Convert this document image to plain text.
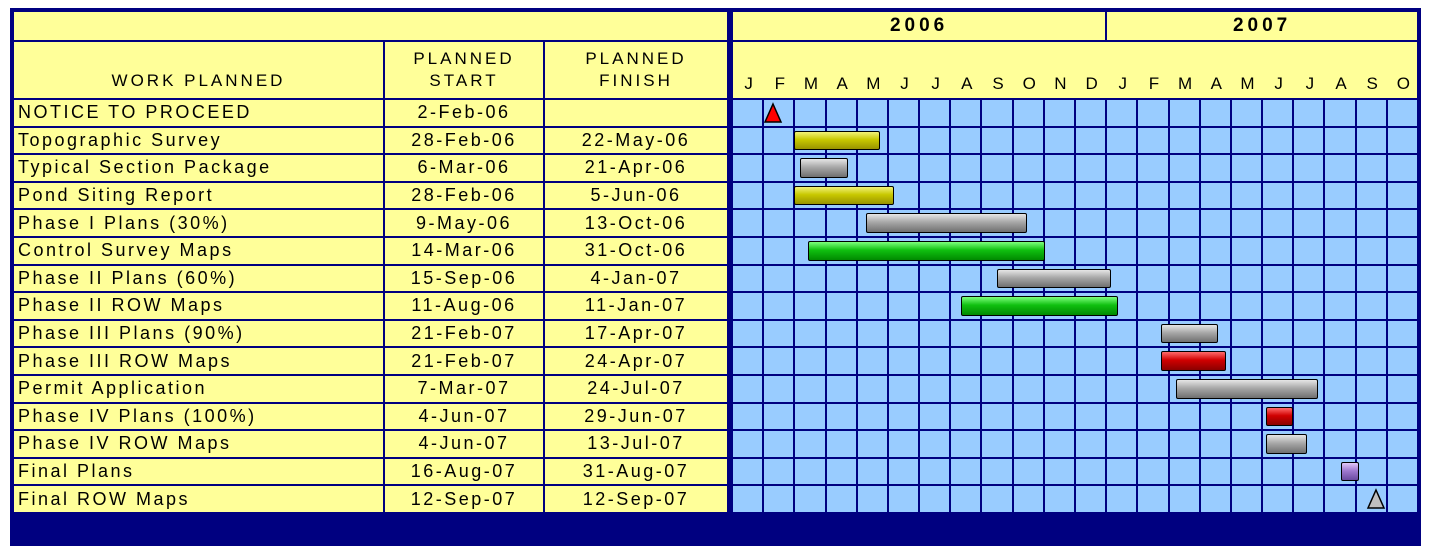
WORK PLANNED
PLANNED
START
PLANNED
FINISH
2006	2007
J	F	M	A	M	J	J	A	S	O	N	D	J	F	M	A	M	J	J	A	S	O
NOTICE TO PROCEED	2-Feb-06
Topographic Survey	28-Feb-06	22-May-06
Typical Section Package	6-Mar-06	21-Apr-06
Pond Siting Report	28-Feb-06	5-Jun-06
Phase I Plans (30%)	9-May-06	13-Oct-06
Control Survey Maps	14-Mar-06	31-Oct-06
Phase II Plans (60%)	15-Sep-06	4-Jan-07
Phase II ROW Maps	11-Aug-06	11-Jan-07
Phase III Plans (90%)	21-Feb-07	17-Apr-07
Phase III ROW Maps	21-Feb-07	24-Apr-07
Permit Application	7-Mar-07	24-Jul-07
Phase IV Plans (100%)	4-Jun-07	29-Jun-07
Phase IV ROW Maps	4-Jun-07	13-Jul-07
Final Plans	16-Aug-07	31-Aug-07
Final ROW Maps	12-Sep-07	12-Sep-07
